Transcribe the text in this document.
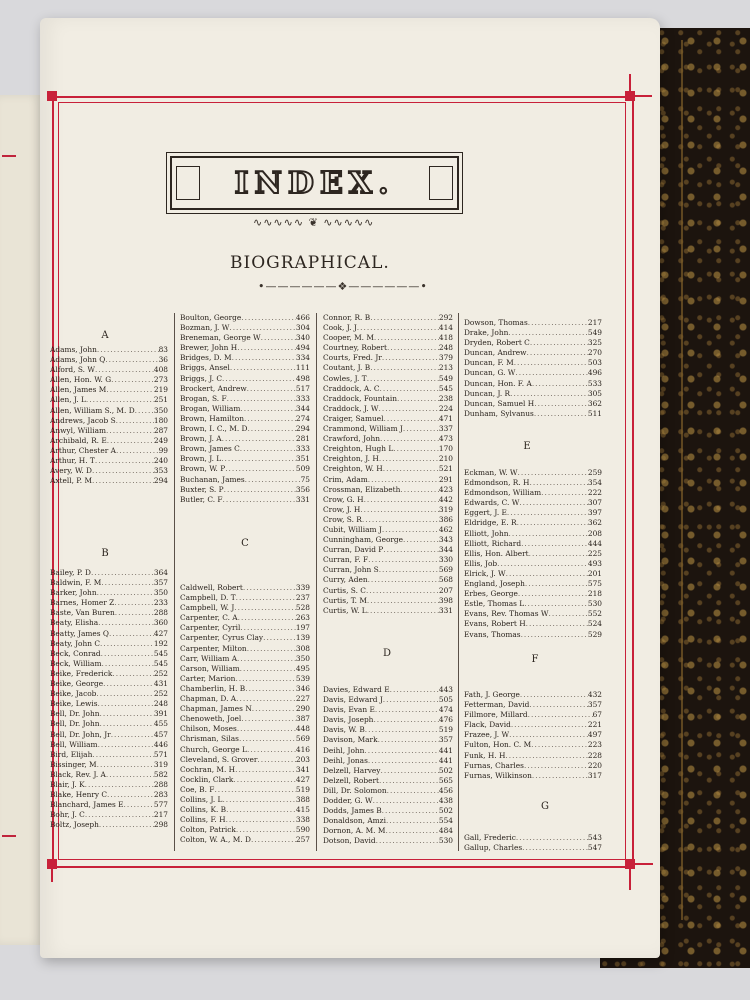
INDEX.
∿∿∿∿∿ ❦ ∿∿∿∿∿
BIOGRAPHICAL.
•——————❖——————•
A
Adams, John .....	83
Adams, John Q .....	36
Alford, S. W .....	408
Allen, Hon. W. G .....	273
Allen, James M .....	219
Allen, J. L .....	251
Allen, William S., M. D .....	350
Andrews, Jacob S .....	180
Anwyl, William .....	287
Archibald, R. E .....	249
Arthur, Chester A .....	99
Arthur, H. T .....	240
Avery, W. D .....	353
Axtell, P. M .....	294
B
Bailey, P. D .....	364
Baldwin, F. M .....	357
Barker, John .....	350
Barnes, Homer Z .....	233
Baste, Van Buren .....	288
Beaty, Elisha .....	360
Beatty, James Q .....	427
Beaty, John C .....	192
Beck, Conrad .....	545
Beck, William .....	545
Beike, Frederick .....	252
Beike, George .....	431
Beike, Jacob .....	252
Beike, Lewis .....	248
Bell, Dr. John .....	391
Bell, Dr. John .....	455
Bell, Dr. John, Jr .....	457
Bell, William .....	446
Bird, Elijah .....	571
Bissinger, M .....	319
Black, Rev. J. A .....	582
Blair, J. K .....	288
Blake, Henry C .....	283
Blanchard, James E .....	577
Bohr, J. C .....	217
Boltz, Joseph .....	298
Boulton, George .....	466
Bozman, J. W .....	304
Breneman, George W .....	340
Brewer, John H .....	494
Bridges, D. M .....	334
Briggs, Ansel .....	111
Briggs, J. C .....	498
Brockert, Andrew .....	517
Brogan, S. F .....	333
Brogan, William .....	344
Brown, Hamilton .....	274
Brown, I. C., M. D .....	294
Brown, J. A .....	281
Brown, James C .....	333
Brown, J. L .....	351
Brown, W. P .....	509
Buchanan, James .....	75
Buxter, S. P .....	356
Butler, C. F .....	331
C
Caldwell, Robert .....	339
Campbell, D. T .....	237
Campbell, W. J .....	528
Carpenter, C. A .....	263
Carpenter, Cyril .....	197
Carpenter, Cyrus Clay .....	139
Carpenter, Milton .....	308
Carr, William A .....	350
Carson, William .....	495
Carter, Marion .....	539
Chamberlin, H. B .....	346
Chapman, D. A .....	227
Chapman, James N .....	290
Chenoweth, Joel .....	387
Chilson, Moses .....	448
Chrisman, Silas .....	569
Church, George L .....	416
Cleveland, S. Grover .....	203
Cochran, M. H .....	341
Cocklin, Clark .....	427
Coe, B. F .....	519
Collins, J. L .....	388
Collins, K. B .....	415
Collins, F. H .....	338
Colton, Patrick .....	590
Colton, W. A., M. D .....	257
Connor, R. B .....	292
Cook, J. J .....	414
Cooper, M. M .....	418
Courtney, Robert .....	248
Courts, Fred. Jr .....	379
Coutant, J. B .....	213
Cowles, J. T .....	549
Craddock, A. C .....	545
Craddock, Fountain .....	238
Craddock, J. W .....	224
Craiger, Samuel .....	471
Crammond, William J .....	337
Crawford, John .....	473
Creighton, Hugh L .....	170
Creighton, J. H .....	210
Creighton, W. H .....	521
Crim, Adam .....	291
Crossman, Elizabeth .....	423
Crow, G. H .....	442
Crow, J. H .....	319
Crow, S. R .....	386
Cubit, William J .....	462
Cunningham, George .....	343
Curran, David P .....	344
Curran, F. F .....	330
Curran, John S .....	569
Curry, Aden .....	568
Curtis, S. C .....	207
Curtis, T. M .....	398
Curtis, W. L .....	331
D
Davies, Edward E .....	443
Davis, Edward J .....	505
Davis, Evan E .....	474
Davis, Joseph .....	476
Davis, W. B .....	519
Davison, Mark .....	357
Deihl, John .....	441
Deihl, Jonas .....	441
Delzell, Harvey .....	502
Delzell, Robert .....	565
Dill, Dr. Solomon .....	456
Dodder, G. W .....	438
Dodds, James B .....	502
Donaldson, Amzi .....	554
Dornon, A. M. M .....	484
Dotson, David .....	530
Dowson, Thomas .....	217
Drake, John .....	549
Dryden, Robert C .....	325
Duncan, Andrew .....	270
Duncan, F. M .....	503
Duncan, G. W .....	496
Duncan, Hon. F. A .....	533
Duncan, J. R .....	305
Duncan, Samuel H .....	362
Dunham, Sylvanus .....	511
E
Eckman, W. W .....	259
Edmondson, R. H .....	354
Edmondson, William .....	222
Edwards, C. W .....	307
Eggert, J. E .....	397
Eldridge, E. R .....	362
Elliott, John .....	208
Elliott, Richard .....	444
Ellis, Hon. Albert .....	225
Ellis, Job .....	493
Elrick, J. W .....	201
England, Joseph .....	575
Erbes, George .....	218
Estle, Thomas L .....	530
Evans, Rev. Thomas W .....	552
Evans, Robert H .....	524
Evans, Thomas .....	529
F
Fath, J. George .....	432
Fetterman, David .....	357
Fillmore, Millard .....	67
Flack, David .....	221
Frazee, J. W .....	497
Fulton, Hon. C. M .....	223
Funk, H. H .....	228
Furnas, Charles .....	220
Furnas, Wilkinson .....	317
G
Gall, Frederic .....	543
Gallup, Charles .....	547
